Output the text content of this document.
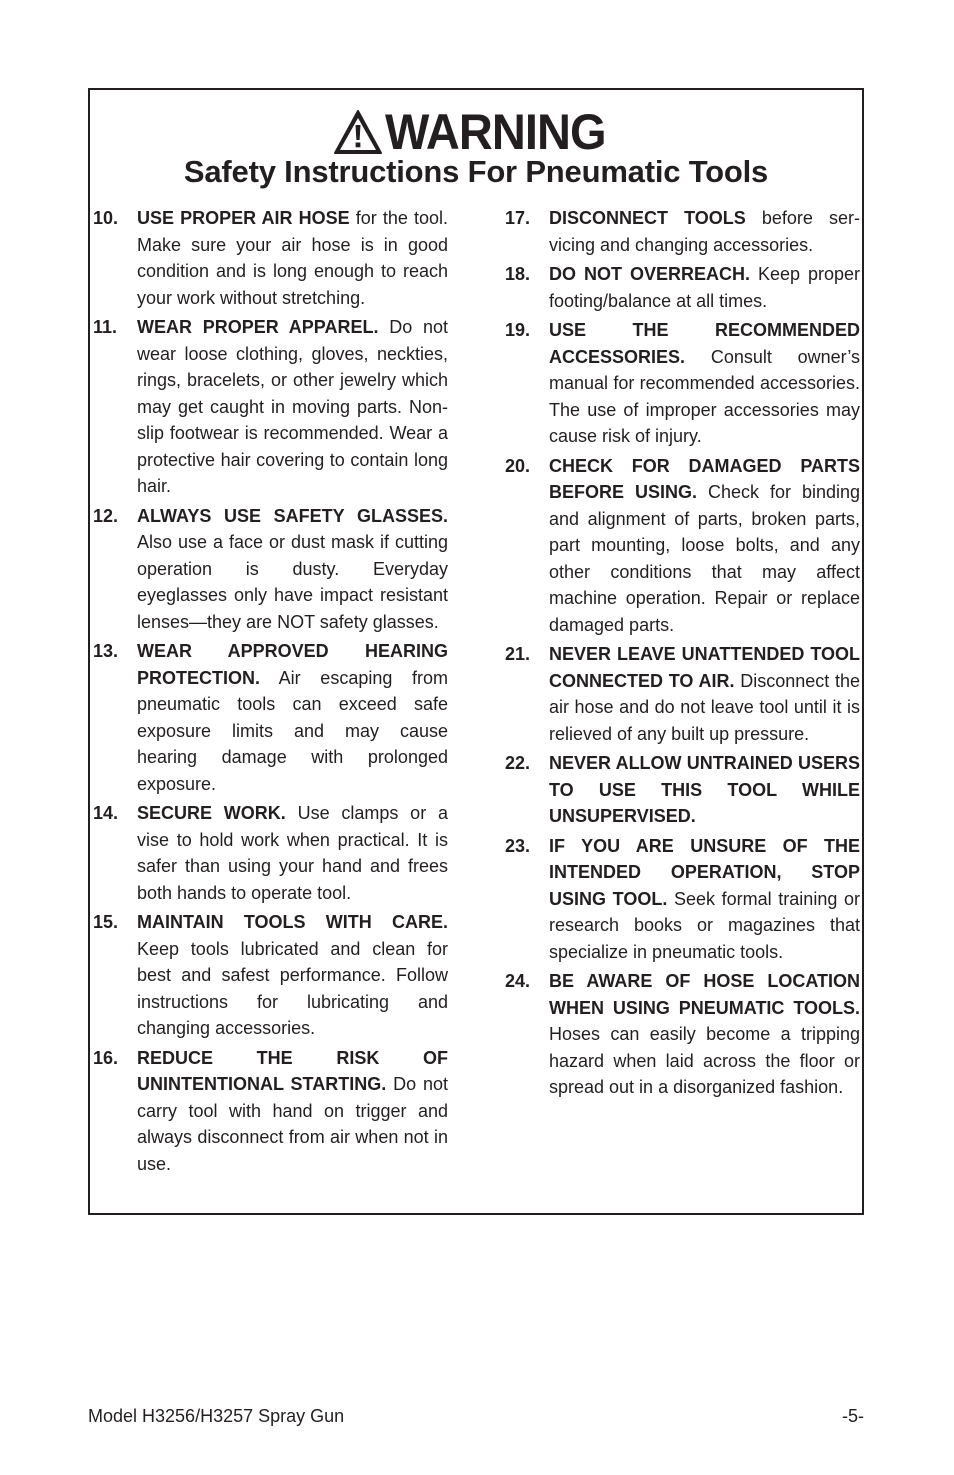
WARNING
Safety Instructions For Pneumatic Tools
10.	USE PROPER AIR HOSE for the tool. Make sure your air hose is in good condition and is long enough to reach your work without stretching.
11.	WEAR PROPER APPAREL. Do not wear loose clothing, gloves, neckties, rings, bracelets, or other jewelry which may get caught in moving parts. Non-slip footwear is recommended. Wear a protective hair covering to contain long hair.
12.	ALWAYS USE SAFETY GLASSES. Also use a face or dust mask if cutting operation is dusty. Everyday eyeglasses only have impact resistant lenses—they are NOT safety glasses.
13.	WEAR APPROVED HEARING PROTECTION. Air escaping from pneumatic tools can exceed safe exposure limits and may cause hearing damage with prolonged exposure.
14.	SECURE WORK. Use clamps or a vise to hold work when practical. It is safer than using your hand and frees both hands to operate tool.
15.	MAINTAIN TOOLS WITH CARE. Keep tools lubricated and clean for best and safest performance. Follow instructions for lubricating and changing accessories.
16.	REDUCE THE RISK OF UNINTENTIONAL STARTING. Do not carry tool with hand on trigger and always disconnect from air when not in use.
17.	DISCONNECT TOOLS before servicing and changing accessories.
18.	DO NOT OVERREACH. Keep proper footing/balance at all times.
19.	USE THE RECOMMENDED ACCESSORIES. Consult owner’s manual for recommended accessories. The use of improper accessories may cause risk of injury.
20.	CHECK FOR DAMAGED PARTS BEFORE USING. Check for binding and alignment of parts, broken parts, part mounting, loose bolts, and any other conditions that may affect machine operation. Repair or replace damaged parts.
21.	NEVER LEAVE UNATTENDED TOOL CONNECTED TO AIR. Disconnect the air hose and do not leave tool until it is relieved of any built up pressure.
22.	NEVER ALLOW UNTRAINED USERS TO USE THIS TOOL WHILE UNSUPERVISED.
23.	IF YOU ARE UNSURE OF THE INTENDED OPERATION, STOP USING TOOL. Seek formal training or research books or magazines that specialize in pneumatic tools.
24.	BE AWARE OF HOSE LOCATION WHEN USING PNEUMATIC TOOLS. Hoses can easily become a tripping hazard when laid across the floor or spread out in a disorganized fashion.
Model H3256/H3257 Spray Gun	-5-
